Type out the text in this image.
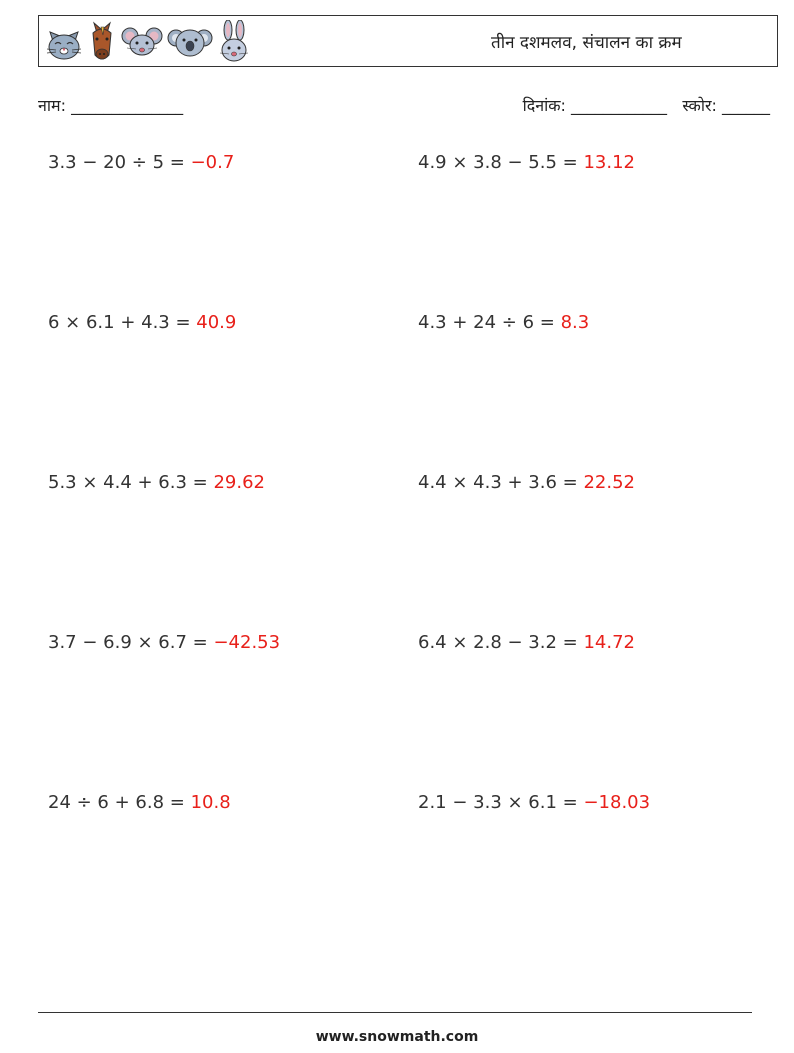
तीन दशमलव, संचालन का क्रम
नाम: ______________	दिनांक: ____________ स्कोर: ______
3.3 − 20 ÷ 5 = −0.7	4.9 × 3.8 − 5.5 = 13.12
6 × 6.1 + 4.3 = 40.9	4.3 + 24 ÷ 6 = 8.3
5.3 × 4.4 + 6.3 = 29.62	4.4 × 4.3 + 3.6 = 22.52
3.7 − 6.9 × 6.7 = −42.53	6.4 × 2.8 − 3.2 = 14.72
24 ÷ 6 + 6.8 = 10.8	2.1 − 3.3 × 6.1 = −18.03
www.snowmath.com
